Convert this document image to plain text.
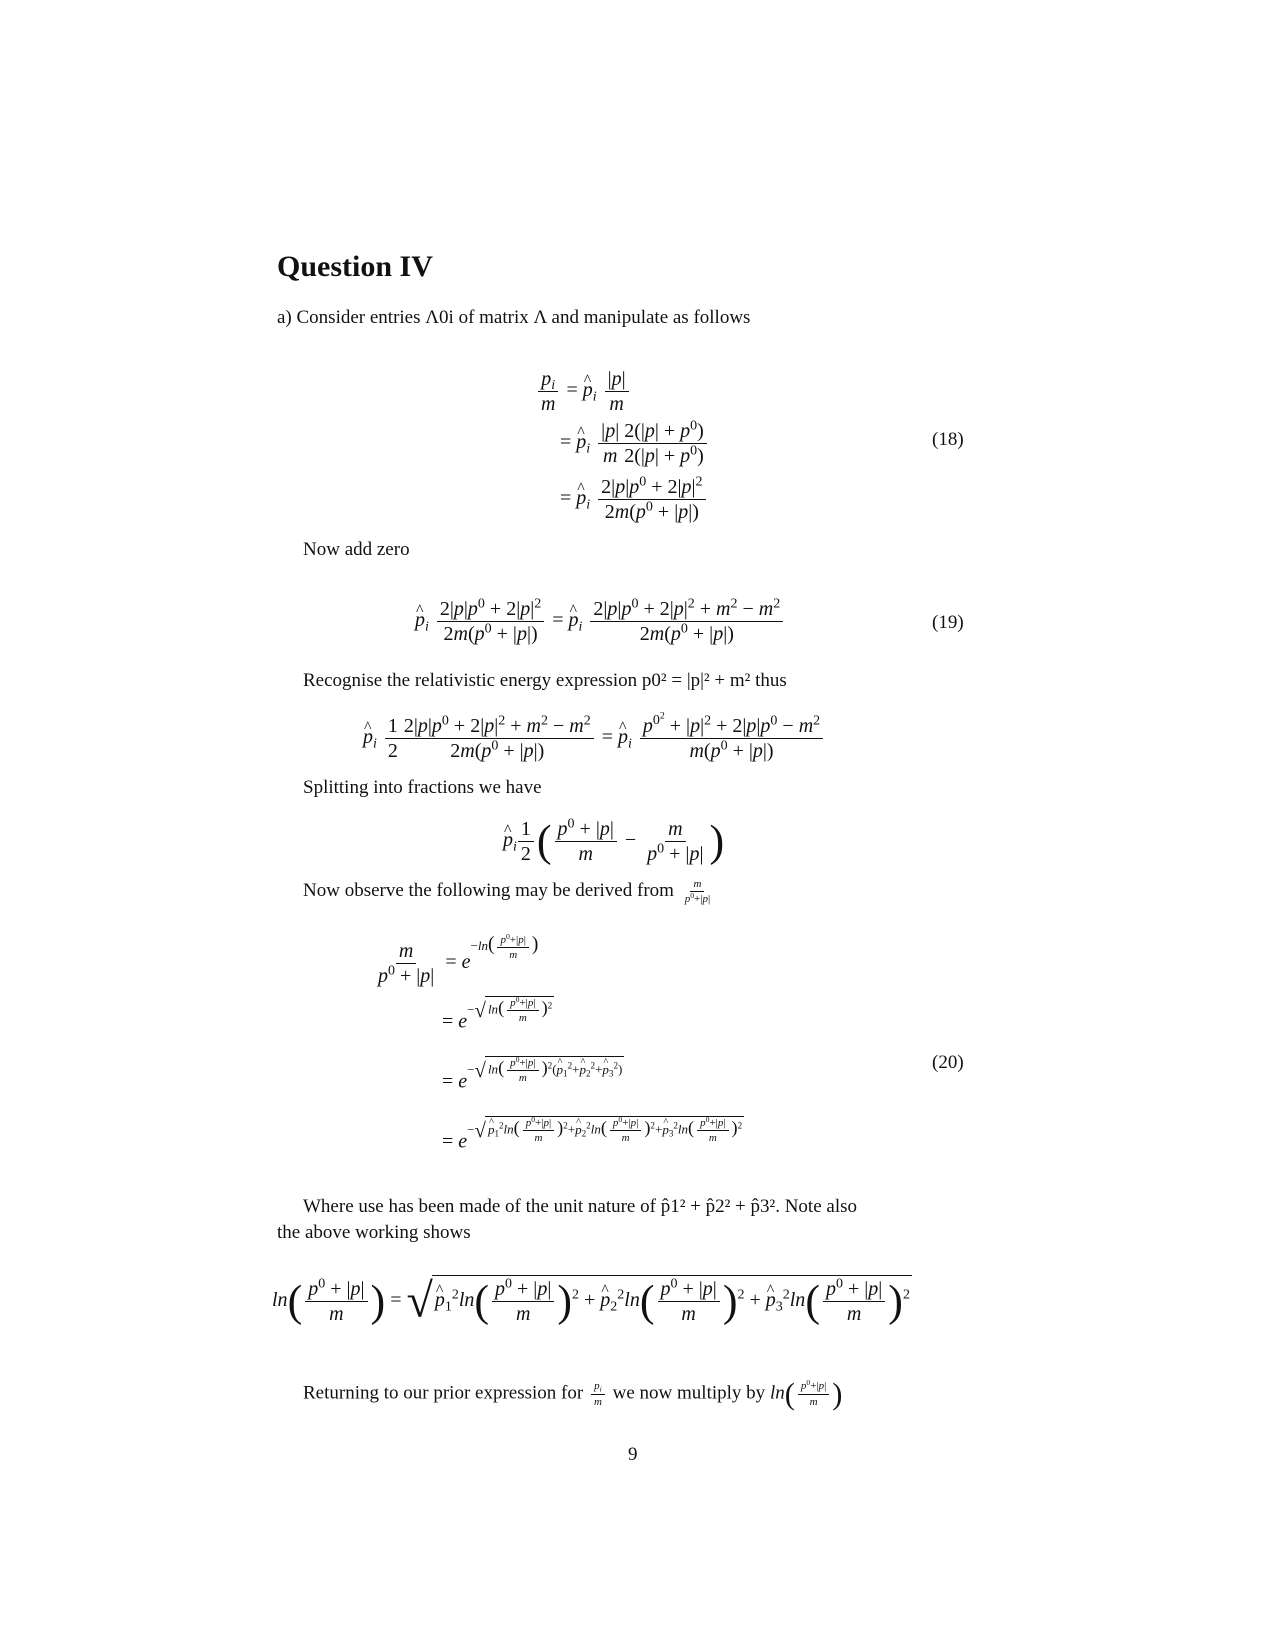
Question IV

a) Consider entries Λ0i of matrix Λ and manipulate as follows

$\frac{p_i}{m}$ = ^ $p_i \frac{|p|}{m}$
= ^ $p_i \frac{|p|}{m} \frac{2(|p| + p^0)}{2(|p| + p^0)}$
= ^ $p_i \frac{2|p|p^0 + 2|p|^2}{2m(p^0 + |p|)}$
(18)

Now add zero

^ $p_i \frac{2|p|p^0 + 2|p|^2}{2m(p^0 + |p|)}$ = ^ $p_i \frac{2|p|p^0 + 2|p|^2 + m^2 - m^2}{2m(p^0 + |p|)}$	(19)

Recognise the relativistic energy expression p0² = |p|² + m² thus

^ $p_i \frac{1}{2} \frac{2|p|p^0 + 2|p|^2 + m^2 - m^2}{2m(p^0 + |p|)}$ = ^ $p_i \frac{p^{0^2} + |p|^2 + 2|p|p^0 - m^2}{m(p^0 + |p|)}$

Splitting into fractions we have

^ $p_i \frac{1}{2}$ ( $\frac{p^0 + |p|}{m} - \frac{m}{p^0 + |p|}$ )
Now observe the following may be derived from $\frac{m}{p^0+|p|}$
$\frac{m}{p^0 + |p|} = e^{-ln( \frac{p^0+|p|}{m} )}$
= $e^{-√ ln( \frac{p^0+|p|}{m} )^2}$
= $e^{-√ ln( \frac{p^0+|p|}{m} )^2(\^{} p_1^2+\^{} p_2^2+\^{} p_3^2)}$
= $e^{-√ \^{} p_1^2ln( \frac{p^0+|p|}{m} )^2+\^{} p_2^2ln( \frac{p^0+|p|}{m} )^2+\^{} p_3^2ln( \frac{p^0+|p|}{m} )^2}$
(20)

Where use has been made of the unit nature of p̂1² + p̂2² + p̂3². Note also

the above working shows

$\ln( \frac{p^0 + |p|}{m}$ ) = √ ^ $p_1^2\ln( \frac{p^0 + |p|}{m} )^2$ + ^ $p_2^2\ln( \frac{p^0 + |p|}{m} )^2$ + ^ $p_3^2\ln( \frac{p^0 + |p|}{m} )^2$
Returning to our prior expression for $\frac{p_i}{m}$ we now multiply by $\ln( \frac{p^0+|p|}{m}$ )
9
